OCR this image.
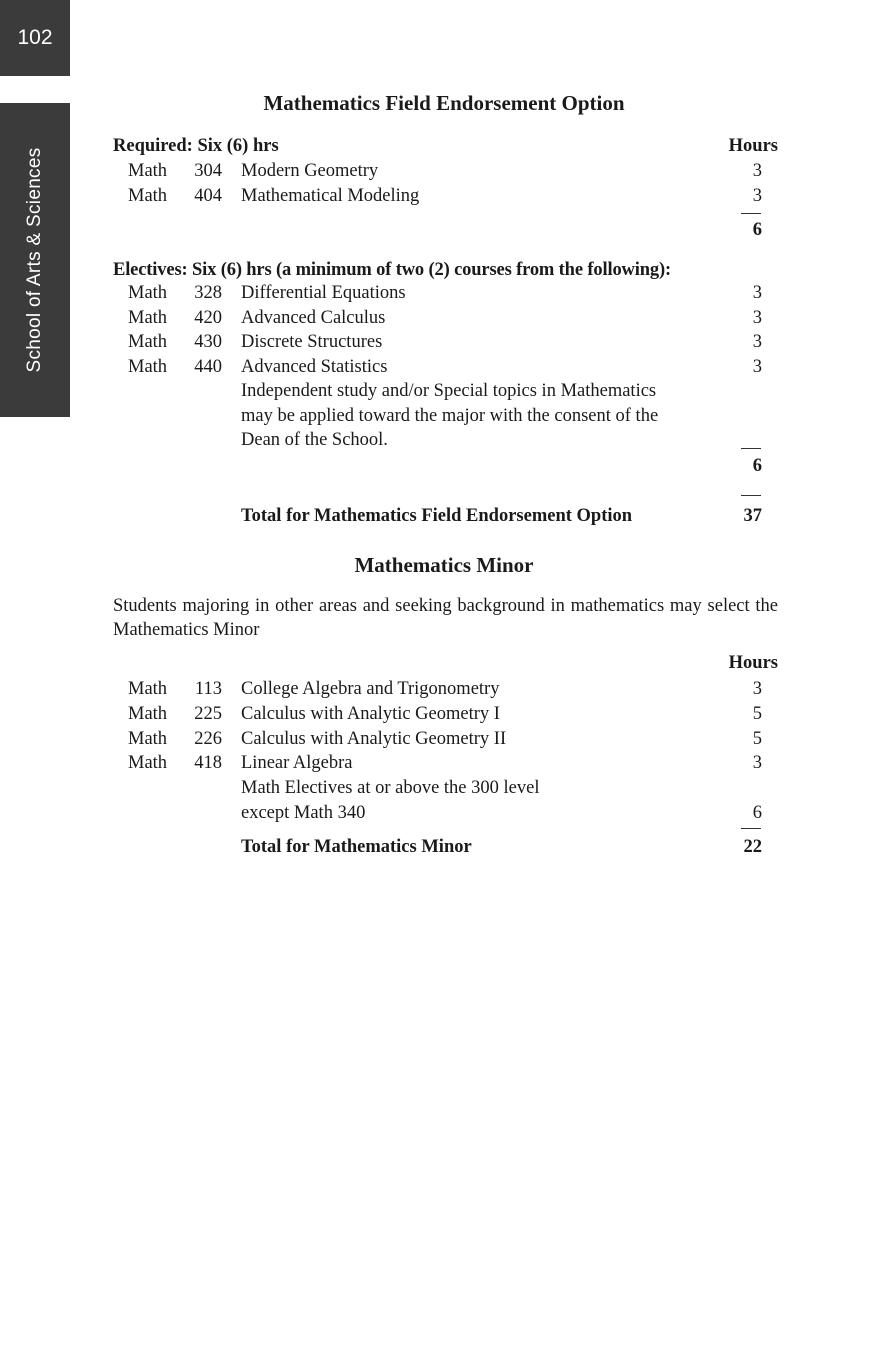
102
School of Arts & Sciences
Mathematics Field Endorsement Option
Required: Six (6) hrs	Hours
Math	304 Modern Geometry	3
Math	404 Mathematical Modeling	3
6
Electives: Six (6) hrs (a minimum of two (2) courses from the following):
Math	328 Differential Equations	3
Math	420 Advanced Calculus	3
Math	430 Discrete Structures	3
Math	440 Advanced Statistics	3
Independent study and/or Special topics in Mathematics
may be applied toward the major with the consent of the
Dean of the School.
6
Total for Mathematics Field Endorsement Option	37
Mathematics Minor
Students majoring in other areas and seeking background in mathematics may select the Mathematics Minor
Hours
Math	113 College Algebra and Trigonometry	3
Math	225 Calculus with Analytic Geometry I	5
Math	226 Calculus with Analytic Geometry II	5
Math	418 Linear Algebra	3
Math Electives at or above the 300 level
except Math 340	6
Total for Mathematics Minor	22
